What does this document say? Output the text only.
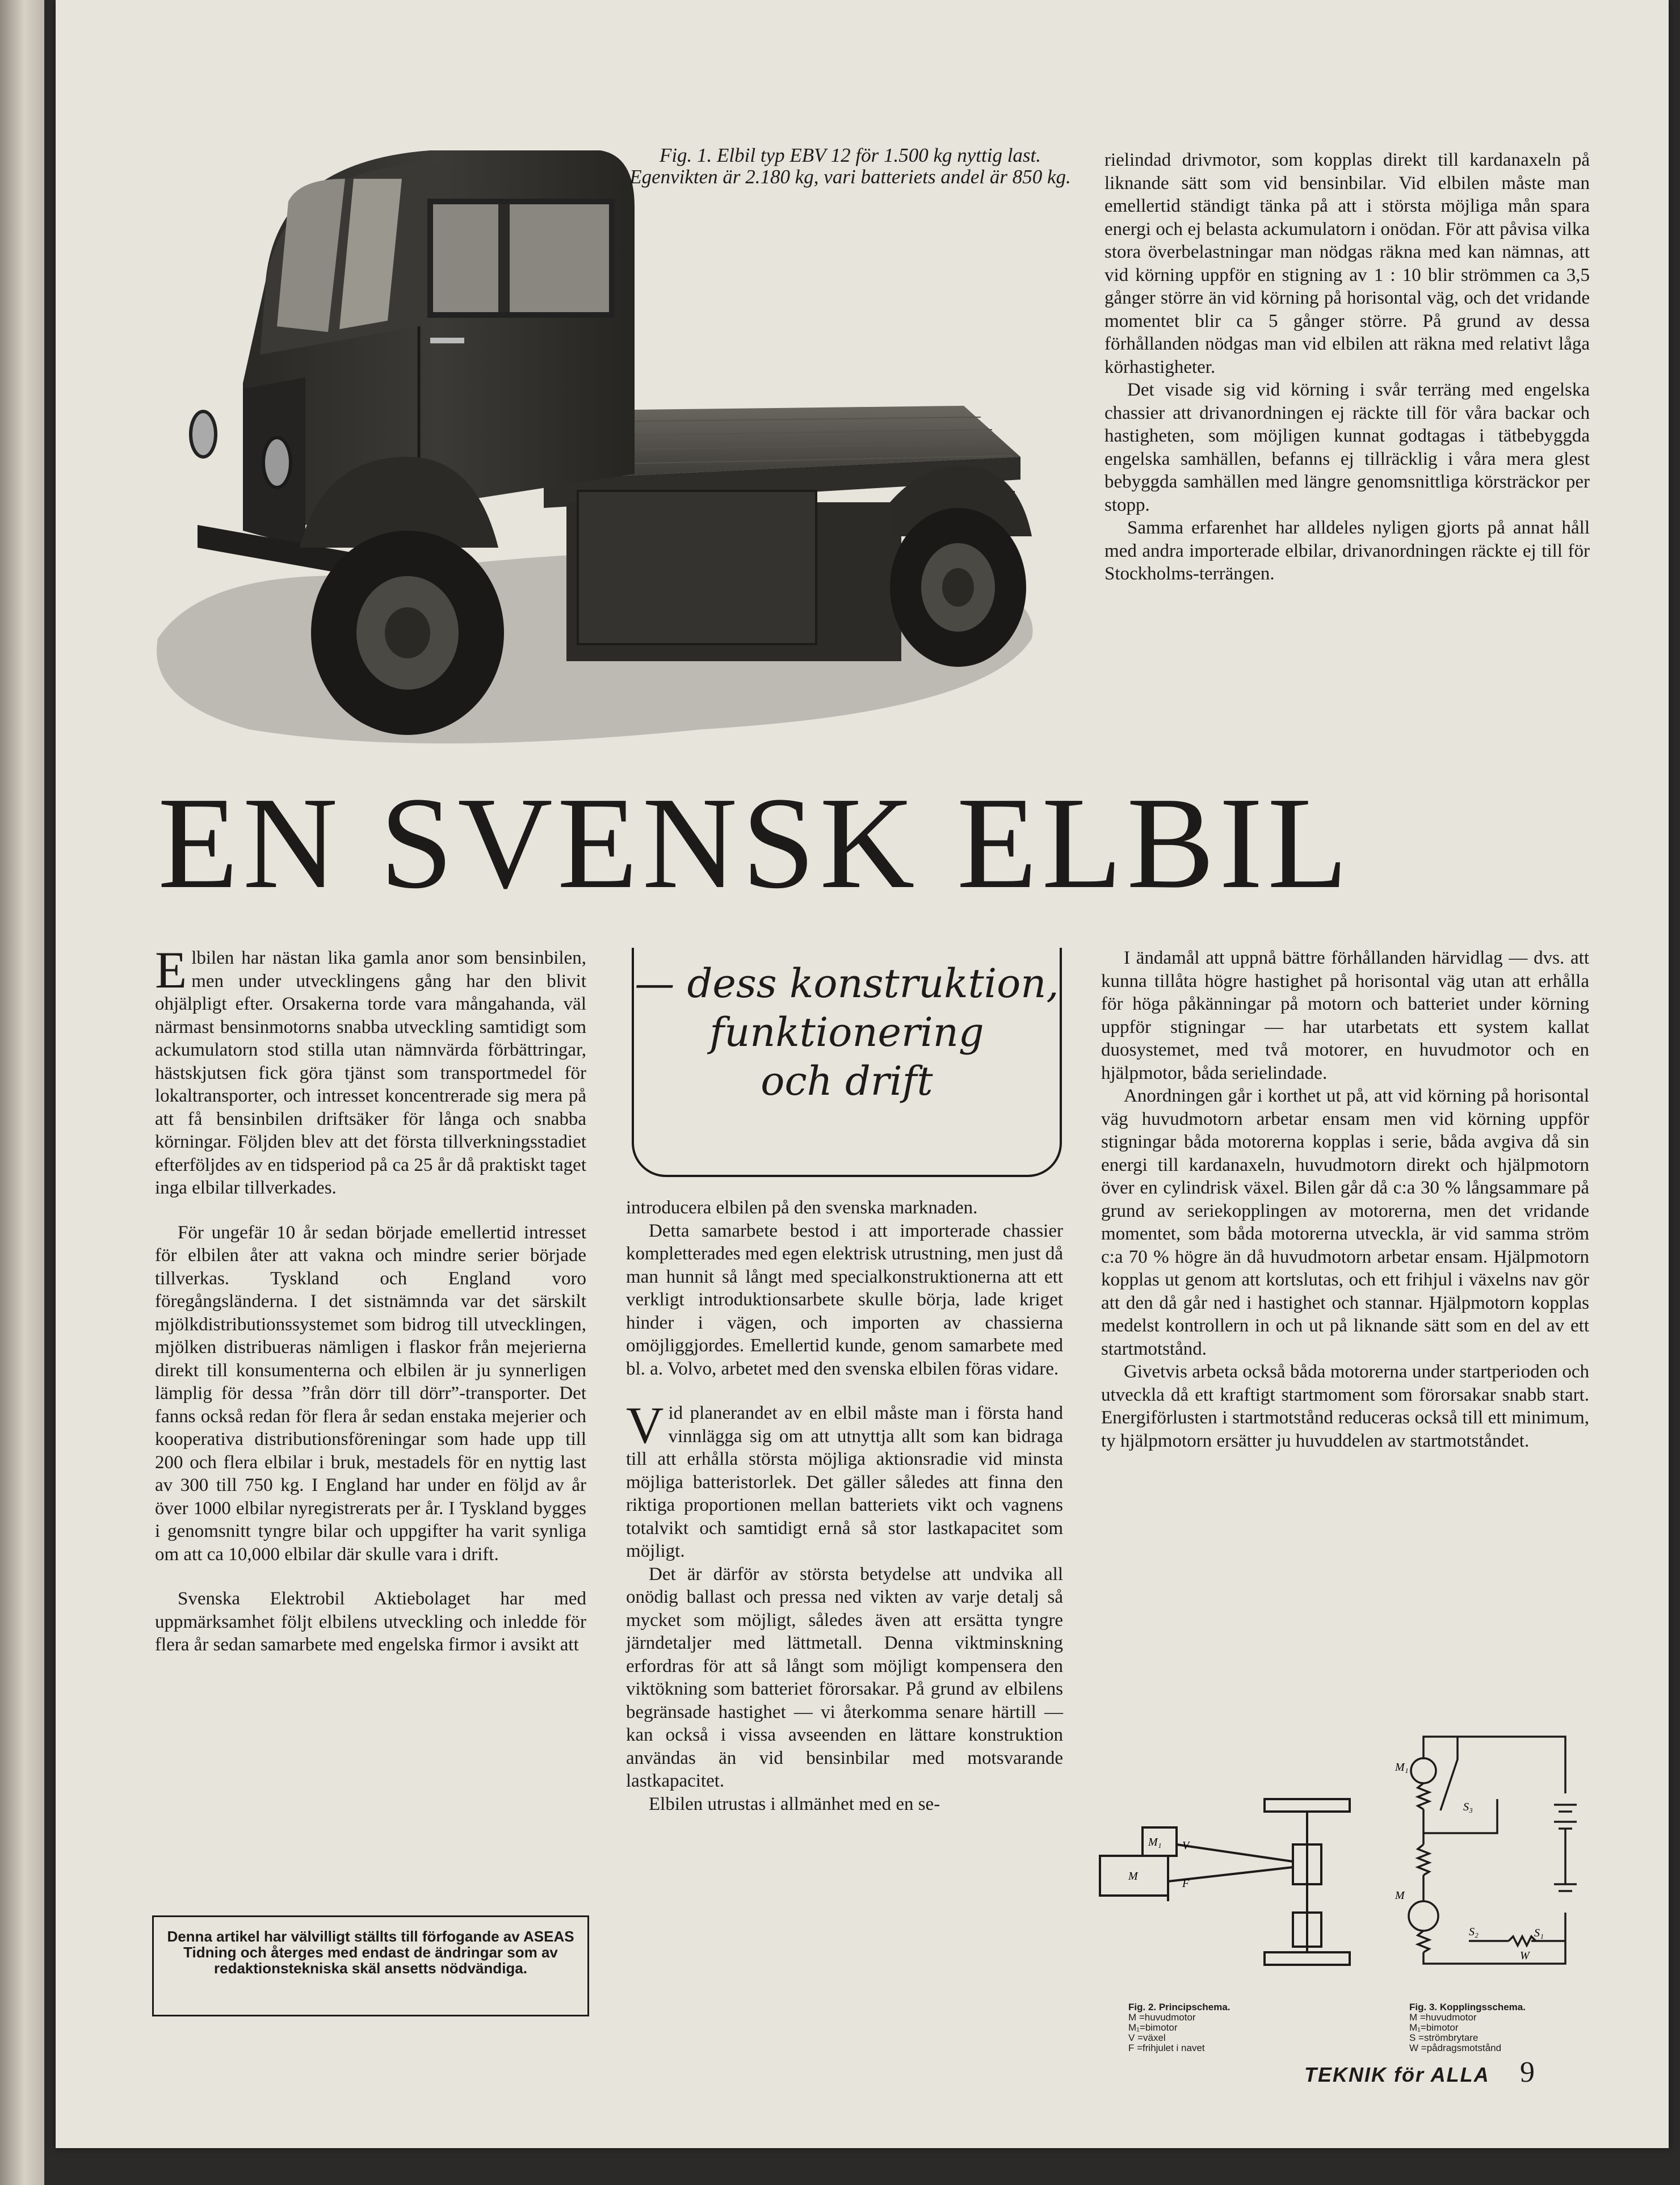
Fig. 1. Elbil typ EBV 12 för 1.500 kg nyttig last. Egenvikten är 2.180 kg, vari batteriets andel är 850 kg.

rielindad drivmotor, som kopplas direkt till kardanaxeln på liknande sätt som vid bensinbilar. Vid elbilen måste man emellertid ständigt tänka på att i största möjliga mån spara energi och ej belasta ackumulatorn i onödan. För att påvisa vilka stora överbelastningar man nödgas räkna med kan nämnas, att vid körning uppför en stigning av 1 : 10 blir strömmen ca 3,5 gånger större än vid körning på horisontal väg, och det vridande momentet blir ca 5 gånger större. På grund av dessa förhållanden nödgas man vid elbilen att räkna med relativt låga körhastigheter.

Det visade sig vid körning i svår terräng med engelska chassier att drivanordningen ej räckte till för våra backar och hastigheten, som möjligen kunnat godtagas i tätbebyggda engelska samhällen, befanns ej tillräcklig i våra mera glest bebyggda samhällen med längre genomsnittliga körsträckor per stopp.

Samma erfarenhet har alldeles nyligen gjorts på annat håll med andra importerade elbilar, drivanordningen räckte ej till för Stockholms-terrängen.

EN SVENSK ELBIL

Elbilen har nästan lika gamla anor som bensinbilen, men under utvecklingens gång har den blivit ohjälpligt efter. Orsakerna torde vara mångahanda, väl närmast bensinmotorns snabba utveckling samtidigt som ackumulatorn stod stilla utan nämnvärda förbättringar, hästskjutsen fick göra tjänst som transportmedel för lokaltransporter, och intresset koncentrerade sig mera på att få bensinbilen driftsäker för långa och snabba körningar. Följden blev att det första tillverkningsstadiet efterföljdes av en tidsperiod på ca 25 år då praktiskt taget inga elbilar tillverkades.

För ungefär 10 år sedan började emellertid intresset för elbilen åter att vakna och mindre serier började tillverkas. Tyskland och England voro föregångsländerna. I det sistnämnda var det särskilt mjölkdistributionssystemet som bidrog till utvecklingen, mjölken distribueras nämligen i flaskor från mejerierna direkt till konsumenterna och elbilen är ju synnerligen lämplig för dessa ”från dörr till dörr”-transporter. Det fanns också redan för flera år sedan enstaka mejerier och kooperativa distributionsföreningar som hade upp till 200 och flera elbilar i bruk, mestadels för en nyttig last av 300 till 750 kg. I England har under en följd av år över 1000 elbilar nyregistrerats per år. I Tyskland bygges i genomsnitt tyngre bilar och uppgifter ha varit synliga om att ca 10,000 elbilar där skulle vara i drift.

Svenska Elektrobil Aktiebolaget har med uppmärksamhet följt elbilens utveckling och inledde för flera år sedan samarbete med engelska firmor i avsikt att

Denna artikel har välvilligt ställts till förfogande av ASEAS Tidning och återges med endast de ändringar som av redaktionstekniska skäl ansetts nödvändiga.
— dess konstruktion,
funktionering
och drift

introducera elbilen på den svenska marknaden.

Detta samarbete bestod i att importerade chassier kompletterades med egen elektrisk utrustning, men just då man hunnit så långt med specialkonstruktionerna att ett verkligt introduktionsarbete skulle börja, lade kriget hinder i vägen, och importen av chassierna omöjliggjordes. Emellertid kunde, genom samarbete med bl. a. Volvo, arbetet med den svenska elbilen föras vidare.

Vid planerandet av en elbil måste man i första hand vinnlägga sig om att utnyttja allt som kan bidraga till att erhålla största möjliga aktionsradie vid minsta möjliga batteristorlek. Det gäller således att finna den riktiga proportionen mellan batteriets vikt och vagnens totalvikt och samtidigt ernå så stor lastkapacitet som möjligt.

Det är därför av största betydelse att undvika all onödig ballast och pressa ned vikten av varje detalj så mycket som möjligt, således även att ersätta tyngre järndetaljer med lättmetall. Denna viktminskning erfordras för att så långt som möjligt kompensera den viktökning som batteriet förorsakar. På grund av elbilens begränsade hastighet — vi återkomma senare härtill — kan också i vissa avseenden en lättare konstruktion användas än vid bensinbilar med motsvarande lastkapacitet.

Elbilen utrustas i allmänhet med en se-

I ändamål att uppnå bättre förhållanden härvidlag — dvs. att kunna tillåta högre hastighet på horisontal väg utan att erhålla för höga påkänningar på motorn och batteriet under körning uppför stigningar — har utarbetats ett system kallat duosystemet, med två motorer, en huvudmotor och en hjälpmotor, båda serielindade.

Anordningen går i korthet ut på, att vid körning på horisontal väg huvudmotorn arbetar ensam men vid körning uppför stigningar båda motorerna kopplas i serie, båda avgiva då sin energi till kardanaxeln, huvudmotorn direkt och hjälpmotorn över en cylindrisk växel. Bilen går då c:a 30 % långsammare på grund av seriekopplingen av motorerna, men det vridande momentet, som båda motorerna utveckla, är vid samma ström c:a 70 % högre än då huvudmotorn arbetar ensam. Hjälpmotorn kopplas ut genom att kortslutas, och ett frihjul i växelns nav gör att den då går ned i hastighet och stannar. Hjälpmotorn kopplas medelst kontrollern in och ut på liknande sätt som en del av ett startmotstånd.

Givetvis arbeta också båda motorerna under startperioden och utveckla då ett kraftigt startmoment som förorsakar snabb start. Energiförlusten i startmotstånd reduceras också till ett minimum, ty hjälpmotorn ersätter ju huvuddelen av startmotståndet.

M₁ V
F
M
Fig. 2. Principschema.
M =huvudmotor
M₁=bimotor
V =växel
F =frihjulet i navet
M₁
S₃
M
S₂	S₁
W
Fig. 3. Kopplingsschema.
M =huvudmotor
M₁=bimotor
S =strömbrytare
W =pådragsmotstånd
TEKNIK för ALLA 9
